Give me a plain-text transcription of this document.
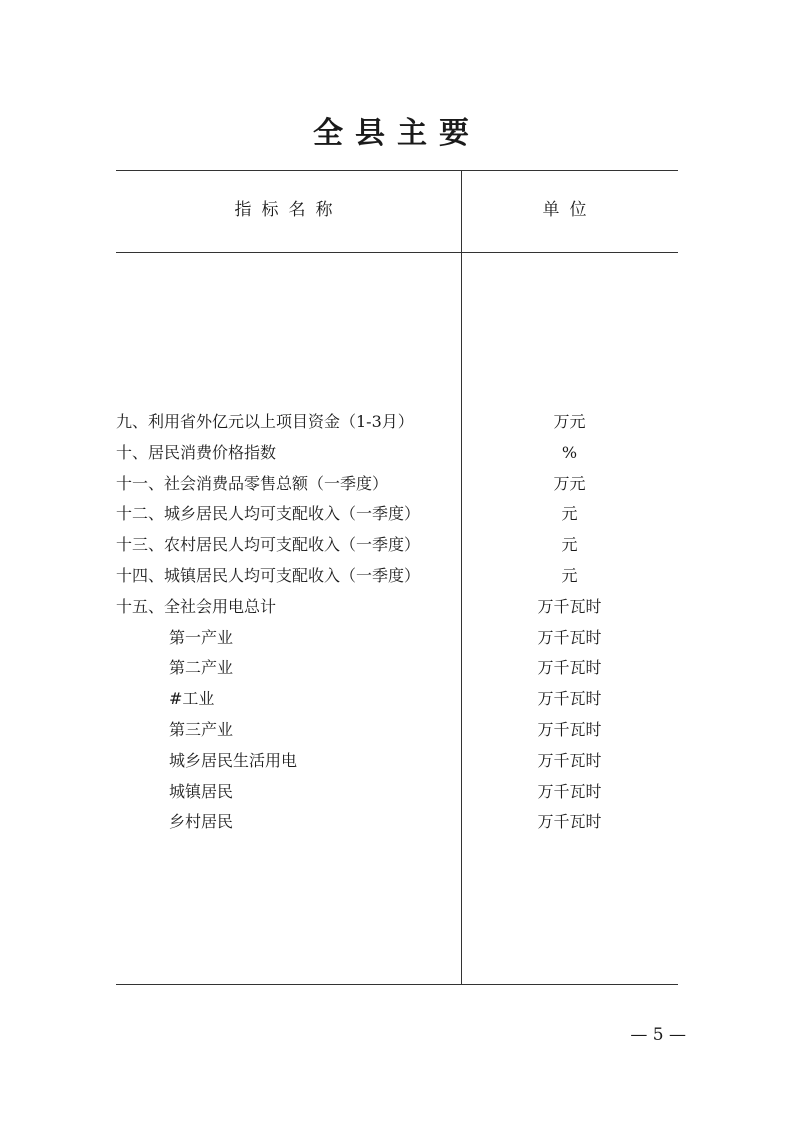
全县主要
指标名称	单位
九、利用省外亿元以上项目资金（1-3月）	万元
十、居民消费价格指数	%
十一、社会消费品零售总额（一季度）	万元
十二、城乡居民人均可支配收入（一季度）	元
十三、农村居民人均可支配收入（一季度）	元
十四、城镇居民人均可支配收入（一季度）	元
十五、全社会用电总计	万千瓦时
第一产业	万千瓦时
第二产业	万千瓦时
#工业	万千瓦时
第三产业	万千瓦时
城乡居民生活用电	万千瓦时
城镇居民	万千瓦时
乡村居民	万千瓦时
— 5 —
